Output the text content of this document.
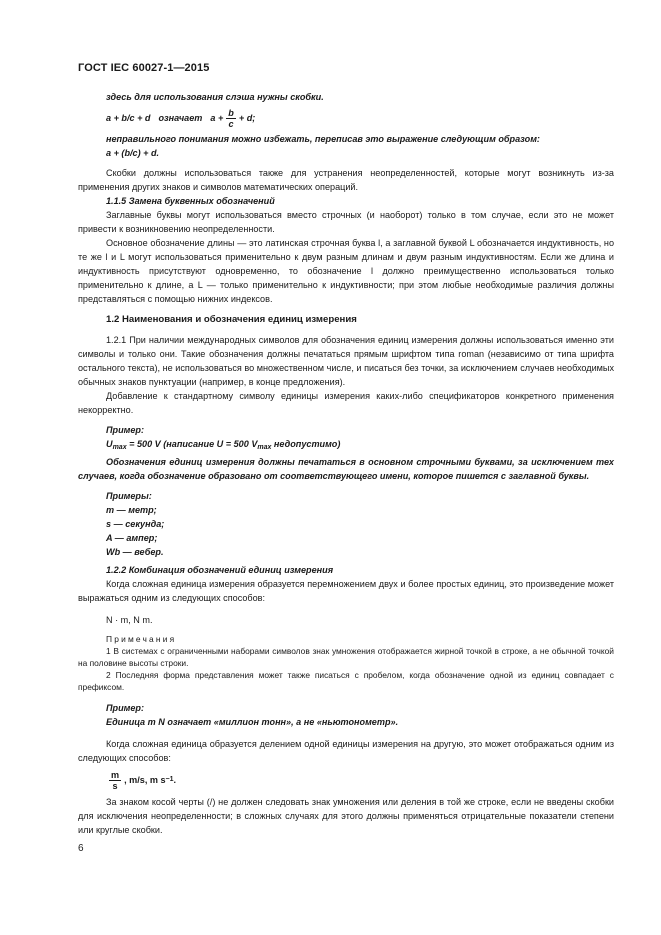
ГОСТ IEC 60027-1—2015

здесь для использования слэша нужны скобки.

a + b/c + d означает $a + \frac{b}{c} + d$;

неправильного понимания можно избежать, переписав это выражение следующим образом:

a + (b/c) + d.

Скобки должны использоваться также для устранения неопределенностей, которые могут возникнуть из-за применения других знаков и символов математических операций.

1.1.5 Замена буквенных обозначений

Заглавные буквы могут использоваться вместо строчных (и наоборот) только в том случае, если это не может привести к возникновению неопределенности.

Основное обозначение длины — это латинская строчная буква l, а заглавной буквой L обозначается индуктивность, но те же l и L могут использоваться применительно к двум разным длинам и двум разным индуктивностям. Если же длина и индуктивность присутствуют одновременно, то обозначение l должно преимущественно использоваться только применительно к длине, а L — только применительно к индуктивности; при этом любые необходимые различия должны представляться с помощью нижних индексов.

1.2 Наименования и обозначения единиц измерения

1.2.1 При наличии международных символов для обозначения единиц измерения должны использоваться именно эти символы и только они. Такие обозначения должны печататься прямым шрифтом типа roman (независимо от типа шрифта остального текста), не использоваться во множественном числе, и писаться без точки, за исключением случаев необходимых обычных знаков пунктуации (например, в конце предложения).

Добавление к стандартному символу единицы измерения каких-либо спецификаторов конкретного применения некорректно.

Пример:

$U_{max} = 500$ V (написание U = 500 $V_{max}$ недопустимо)

Обозначения единиц измерения должны печататься в основном строчными буквами, за исключением тех случаев, когда обозначение образовано от соответствующего имени, которое пишется с заглавной буквы.

Примеры:

m — метр;

s — секунда;

A — ампер;

Wb — вебер.

1.2.2 Комбинация обозначений единиц измерения

Когда сложная единица измерения образуется перемножением двух и более простых единиц, это произведение может выражаться одним из следующих способов:

N · m, N m.

Примечания

1 В системах с ограниченными наборами символов знак умножения отображается жирной точкой в строке, а не обычной точкой на половине высоты строки.

2 Последняя форма представления может также писаться с пробелом, когда обозначение одной из единиц совпадает с префиксом.

Пример:

Единица m N означает «миллион тонн», а не «ньютонометр».

Когда сложная единица образуется делением одной единицы измерения на другую, это может отображаться одним из следующих способов:

$\frac{m}{s}$ , m/s, m s −1 .

За знаком косой черты (/) не должен следовать знак умножения или деления в той же строке, если не введены скобки для исключения неопределенности; в сложных случаях для этого должны применяться отрицательные показатели степени или круглые скобки.

6
